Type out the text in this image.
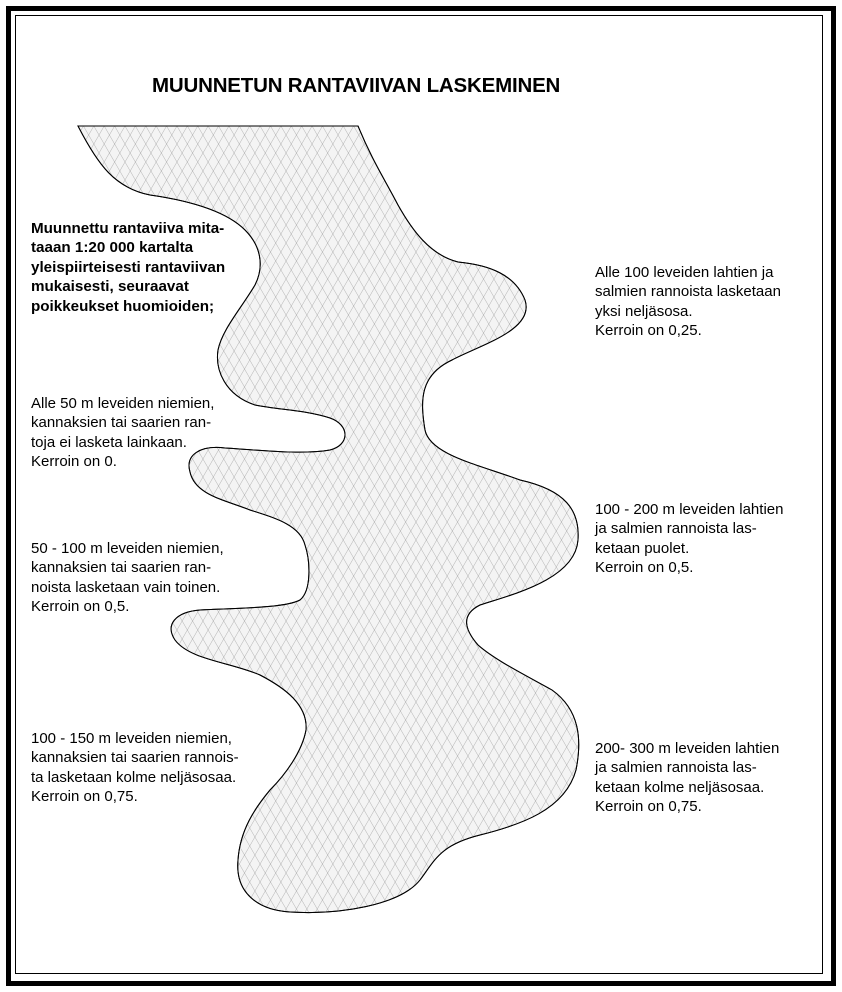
MUUNNETUN RANTAVIIVAN LASKEMINEN
Muunnettu rantaviiva mita-
taaan 1:20 000 kartalta
yleispiirteisesti rantaviivan
mukaisesti, seuraavat
poikkeukset huomioiden;
Alle 50 m leveiden niemien,
kannaksien tai saarien ran-
toja ei lasketa lainkaan.
Kerroin on 0.
50 - 100 m leveiden niemien,
kannaksien tai saarien ran-
noista lasketaan vain toinen.
Kerroin on 0,5.
100 - 150 m leveiden niemien,
kannaksien tai saarien rannois-
ta lasketaan kolme neljäsosaa.
Kerroin on 0,75.
Alle 100 leveiden lahtien ja
salmien rannoista lasketaan
yksi neljäsosa.
Kerroin on 0,25.
100 - 200 m leveiden lahtien
ja salmien rannoista las-
ketaan puolet.
Kerroin on 0,5.
200- 300 m leveiden lahtien
ja salmien rannoista las-
ketaan kolme neljäsosaa.
Kerroin on 0,75.
